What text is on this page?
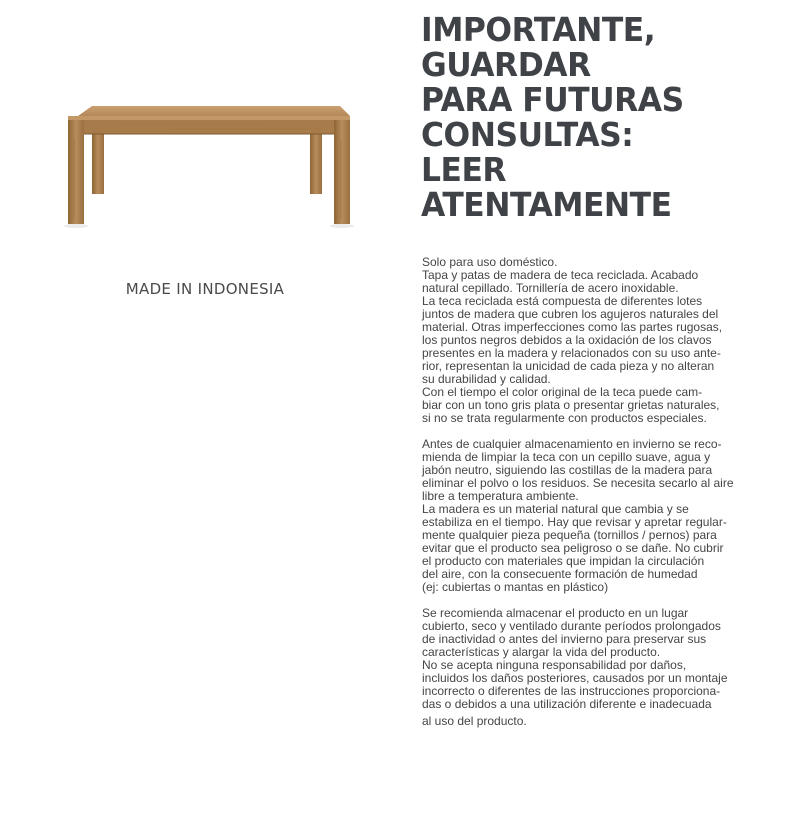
MADE IN INDONESIA
IMPORTANTE,
GUARDAR
PARA FUTURAS
CONSULTAS:
LEER
ATENTAMENTE
Solo para uso doméstico.
Tapa y patas de madera de teca reciclada. Acabado
natural cepillado. Tornillería de acero inoxidable.
La teca reciclada está compuesta de diferentes lotes
juntos de madera que cubren los agujeros naturales del
material. Otras imperfecciones como las partes rugosas,
los puntos negros debidos a la oxidación de los clavos
presentes en la madera y relacionados con su uso ante-
rior, representan la unicidad de cada pieza y no alteran
su durabilidad y calidad.
Con el tiempo el color original de la teca puede cam-
biar con un tono gris plata o presentar grietas naturales,
si no se trata regularmente con productos especiales.
Antes de cualquier almacenamiento en invierno se reco-
mienda de limpiar la teca con un cepillo suave, agua y
jabón neutro, siguiendo las costillas de la madera para
eliminar el polvo o los residuos. Se necesita secarlo al aire
libre a temperatura ambiente.
La madera es un material natural que cambia y se
estabiliza en el tiempo. Hay que revisar y apretar regular-
mente qualquier pieza pequeña (tornillos / pernos) para
evitar que el producto sea peligroso o se dañe. No cubrir
el producto con materiales que impidan la circulación
del aire, con la consecuente formación de humedad
(ej: cubiertas o mantas en plástico)
Se recomienda almacenar el producto en un lugar
cubierto, seco y ventilado durante períodos prolongados
de inactividad o antes del invierno para preservar sus
características y alargar la vida del producto.
No se acepta ninguna responsabilidad por daños,
incluidos los daños posteriores, causados por un montaje
incorrecto o diferentes de las instrucciones proporciona-
das o debidos a una utilización diferente e inadecuada
al uso del producto.
